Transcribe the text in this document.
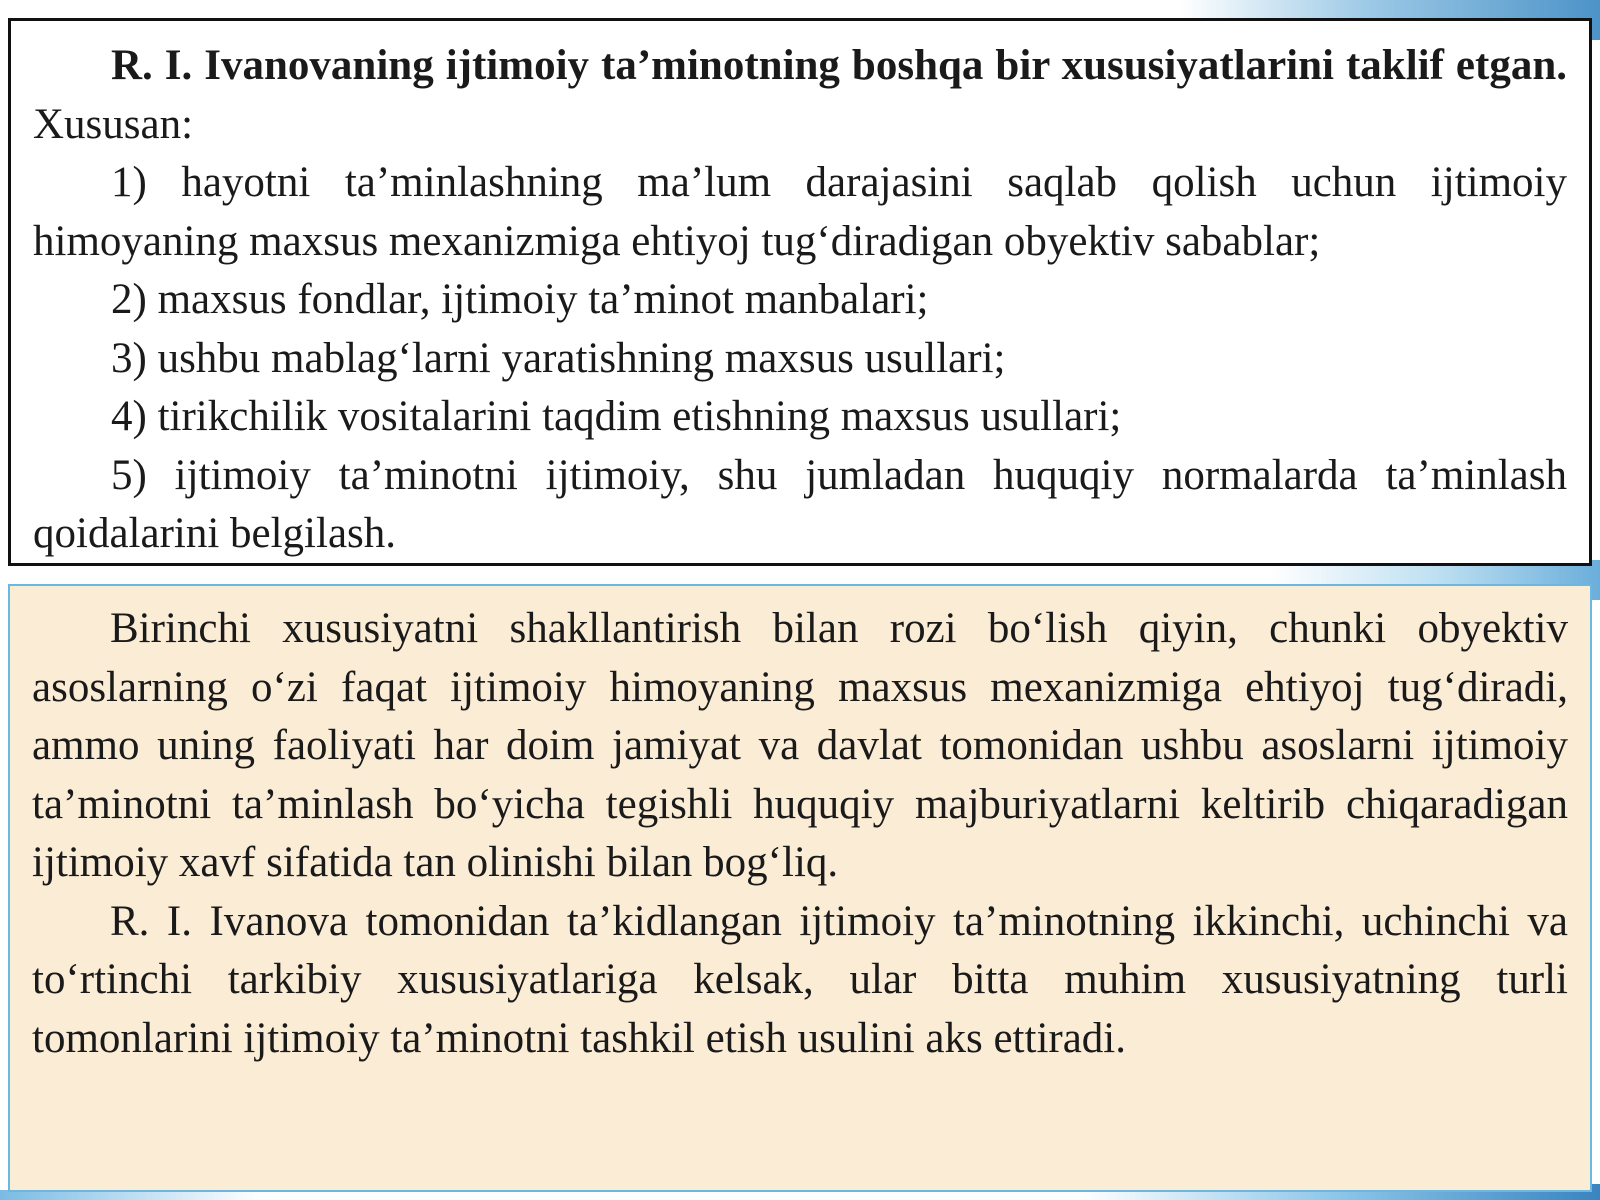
R. I. Ivanovaning ijtimoiy ta’minotning boshqa bir xususiyatlarini taklif etgan. Xususan:

1) hayotni ta’minlashning ma’lum darajasini saqlab qolish uchun ijtimoiy himoyaning maxsus mexanizmiga ehtiyoj tug‘diradigan obyektiv sabablar;

2) maxsus fondlar, ijtimoiy ta’minot manbalari;

3) ushbu mablag‘larni yaratishning maxsus usullari;

4) tirikchilik vositalarini taqdim etishning maxsus usullari;

5) ijtimoiy ta’minotni ijtimoiy, shu jumladan huquqiy normalarda ta’minlash qoidalarini belgilash.

Birinchi xususiyatni shakllantirish bilan rozi bo‘lish qiyin, chunki obyektiv asoslarning o‘zi faqat ijtimoiy himoyaning maxsus mexanizmiga ehtiyoj tug‘diradi, ammo uning faoliyati har doim jamiyat va davlat tomonidan ushbu asoslarni ijtimoiy ta’minotni ta’minlash bo‘yicha tegishli huquqiy majburiyatlarni keltirib chiqaradigan ijtimoiy xavf sifatida tan olinishi bilan bog‘liq.

R. I. Ivanova tomonidan ta’kidlangan ijtimoiy ta’minotning ikkinchi, uchinchi va to‘rtinchi tarkibiy xususiyatlariga kelsak, ular bitta muhim xususiyatning turli tomonlarini ijtimoiy ta’minotni tashkil etish usulini aks ettiradi.
